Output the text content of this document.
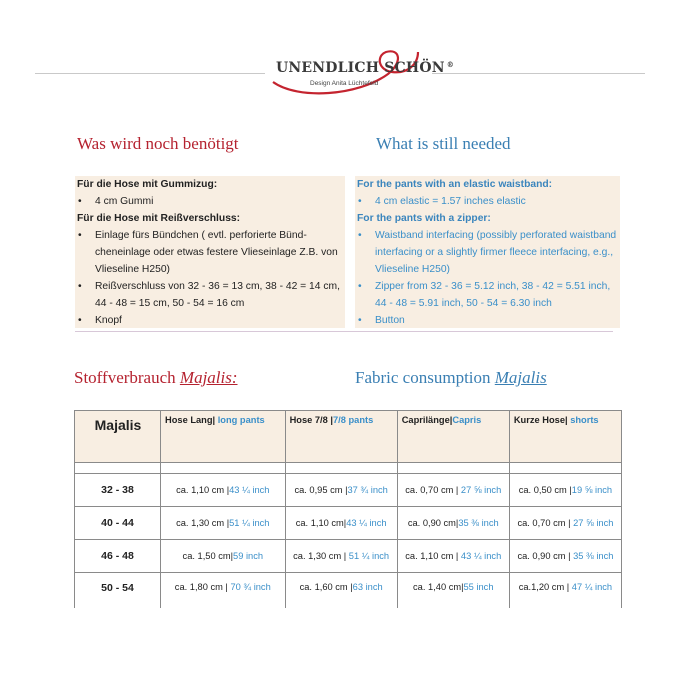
UNENDLICH SCHÖN ®
Design Anita Lüchtefeld
Was wird noch benötigt	What is still needed
Für die Hose mit Gummizug:
• 4 cm Gummi
Für die Hose mit Reißverschluss:
• Einlage fürs Bündchen ( evtl. perforierte Bünd-cheneinlage oder etwas festere Vlieseinlage Z.B. von Vlieseline H250)
• Reißverschluss von 32 - 36 = 13 cm, 38 - 42 = 14 cm, 44 - 48 = 15 cm, 50 - 54 = 16 cm
• Knopf
For the pants with an elastic waistband:
• 4 cm elastic = 1.57 inches elastic
For the pants with a zipper:
• Waistband interfacing (possibly perforated waistband interfacing or a slightly firmer fleece interfacing, e.g., Vlieseline H250)
• Zipper from 32 - 36 = 5.12 inch, 38 - 42 = 5.51 inch, 44 - 48 = 5.91 inch, 50 - 54 = 6.30 inch
• Button
Stoffverbrauch Majalis:	Fabric consumption Majalis
Majalis	Hose Lang| long pants	Hose 7/8 |7/8 pants	Caprilänge|Capris	Kurze Hose| shorts

32 - 38	ca. 1,10 cm |43 ¼ inch	ca. 0,95 cm |37 ¾ inch	ca. 0,70 cm | 27 ⅝ inch	ca. 0,50 cm |19 ⅝ inch
40 - 44	ca. 1,30 cm |51 ¼ inch	ca. 1,10 cm|43 ¼ inch	ca. 0,90 cm|35 ⅜ inch	ca. 0,70 cm | 27 ⅝ inch
46 - 48	ca. 1,50 cm|59 inch	ca. 1,30 cm | 51 ¼ inch	ca. 1,10 cm | 43 ¼ inch	ca. 0,90 cm | 35 ⅜ inch
50 - 54	ca. 1,80 cm | 70 ¾ inch	ca. 1,60 cm |63 inch	ca. 1,40 cm|55 inch	ca.1,20 cm | 47 ¼ inch
